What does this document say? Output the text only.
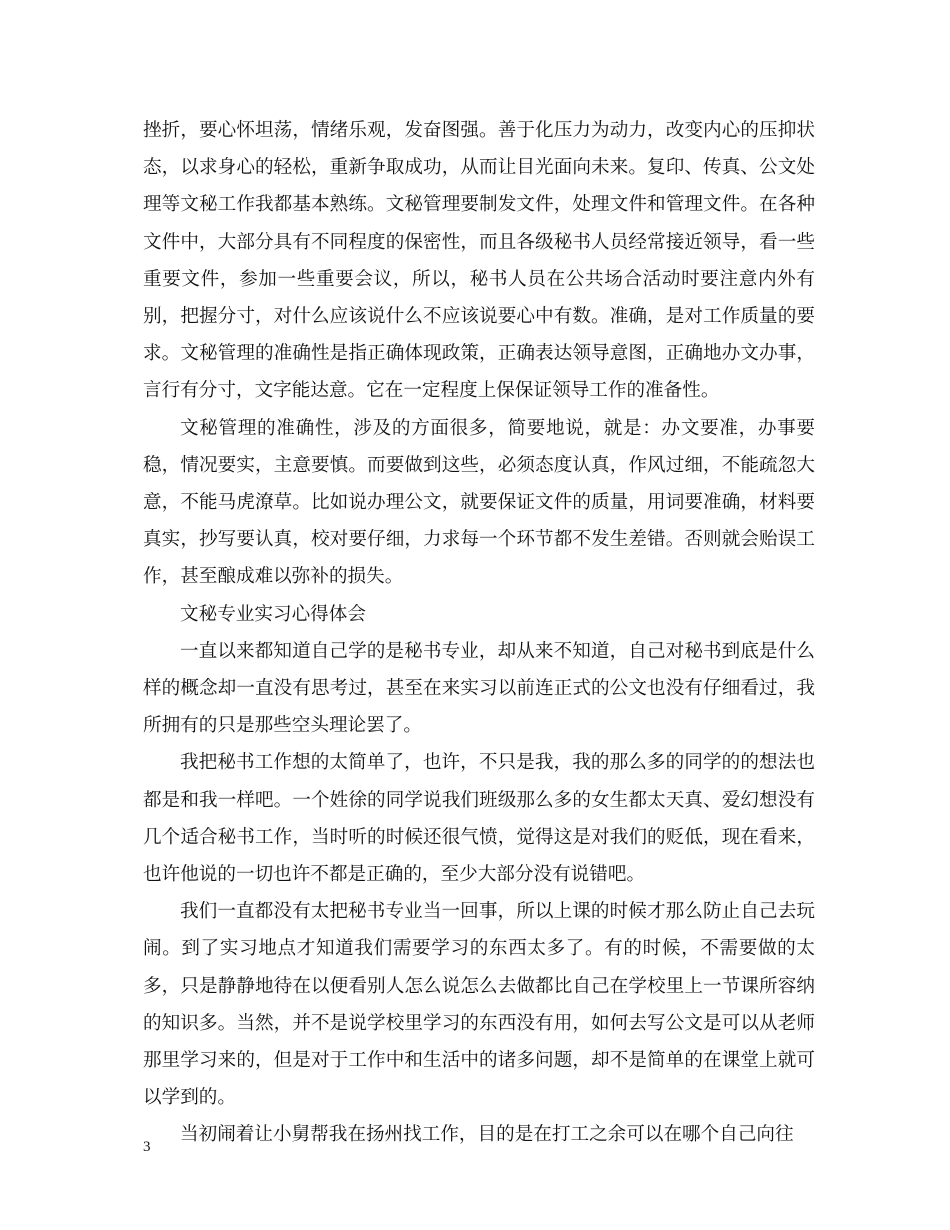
挫折，要心怀坦荡，情绪乐观，发奋图强。善于化压力为动力，改变内心的压抑状态，以求身心的轻松，重新争取成功，从而让目光面向未来。复印、传真、公文处理等文秘工作我都基本熟练。文秘管理要制发文件，处理文件和管理文件。在各种文件中，大部分具有不同程度的保密性，而且各级秘书人员经常接近领导，看一些重要文件，参加一些重要会议，所以，秘书人员在公共场合活动时要注意内外有别，把握分寸，对什么应该说什么不应该说要心中有数。准确，是对工作质量的要求。文秘管理的准确性是指正确体现政策，正确表达领导意图，正确地办文办事，言行有分寸，文字能达意。它在一定程度上保保证领导工作的准备性。

文秘管理的准确性，涉及的方面很多，简要地说，就是：办文要准，办事要稳，情况要实，主意要慎。而要做到这些，必须态度认真，作风过细，不能疏忽大意，不能马虎潦草。比如说办理公文，就要保证文件的质量，用词要准确，材料要真实，抄写要认真，校对要仔细，力求每一个环节都不发生差错。否则就会贻误工作，甚至酿成难以弥补的损失。

文秘专业实习心得体会

一直以来都知道自己学的是秘书专业，却从来不知道，自己对秘书到底是什么样的概念却一直没有思考过，甚至在来实习以前连正式的公文也没有仔细看过，我所拥有的只是那些空头理论罢了。

我把秘书工作想的太简单了，也许，不只是我，我的那么多的同学的的想法也都是和我一样吧。一个姓徐的同学说我们班级那么多的女生都太天真、爱幻想没有几个适合秘书工作，当时听的时候还很气愤，觉得这是对我们的贬低，现在看来，也许他说的一切也许不都是正确的，至少大部分没有说错吧。

我们一直都没有太把秘书专业当一回事，所以上课的时候才那么防止自己去玩闹。到了实习地点才知道我们需要学习的东西太多了。有的时候，不需要做的太多，只是静静地待在以便看别人怎么说怎么去做都比自己在学校里上一节课所容纳的知识多。当然，并不是说学校里学习的东西没有用，如何去写公文是可以从老师那里学习来的，但是对于工作中和生活中的诸多问题，却不是简单的在课堂上就可以学到的。

当初闹着让小舅帮我在扬州找工作，目的是在打工之余可以在哪个自己向往

3
